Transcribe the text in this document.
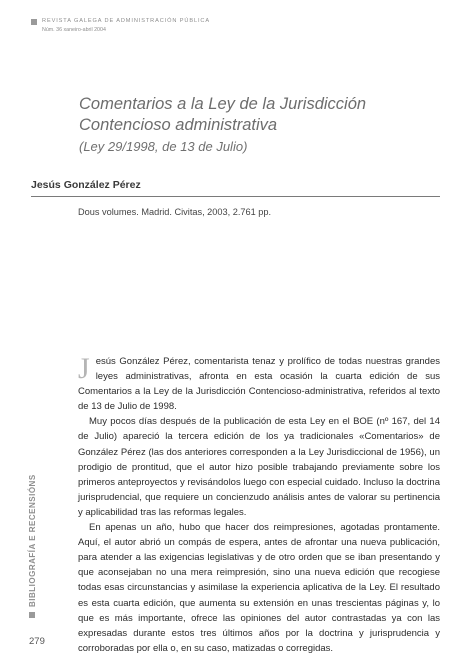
REVISTA GALEGA DE ADMINISTRACIÓN PÚBLICA
Núm. 36 xaneiro-abril 2004
Comentarios a la Ley de la Jurisdicción
Contencioso administrativa
(Ley 29/1998, de 13 de Julio)
Jesús González Pérez
Dous volumes. Madrid. Civitas, 2003, 2.761 pp.

Jesús González Pérez, comentarista tenaz y prolífico de todas nuestras grandes leyes administrativas, afronta en esta ocasión la cuarta edición de sus Comentarios a la Ley de la Jurisdicción Contencioso-administrativa, referidos al texto de 13 de Julio de 1998.

Muy pocos días después de la publicación de esta Ley en el BOE (nº 167, del 14 de Julio) apareció la tercera edición de los ya tradicionales «Comentarios» de González Pérez (las dos anteriores corresponden a la Ley Jurisdiccional de 1956), un prodigio de prontitud, que el autor hizo posible trabajando previamente sobre los primeros anteproyectos y revisándolos luego con especial cuidado. Incluso la doctrina jurisprudencial, que requiere un concienzudo análisis antes de valorar su pertinencia y aplicabilidad tras las reformas legales.

En apenas un año, hubo que hacer dos reimpresiones, agotadas prontamente. Aquí, el autor abrió un compás de espera, antes de afrontar una nueva publicación, para atender a las exigencias legislativas y de otro orden que se iban presentando y que aconsejaban no una mera reimpresión, sino una nueva edición que recogiese todas esas circunstancias y asimilase la experiencia aplicativa de la Ley. El resultado es esta cuarta edición, que aumenta su extensión en unas trescientas páginas y, lo que es más importante, ofrece las opiniones del autor contrastadas ya con las expresadas durante estos tres últimos años por la doctrina y jurisprudencia y corroboradas por ella o, en su caso, matizadas o corregidas.

BIBLIOGRAFÍA E RECENSIÓNS
279
